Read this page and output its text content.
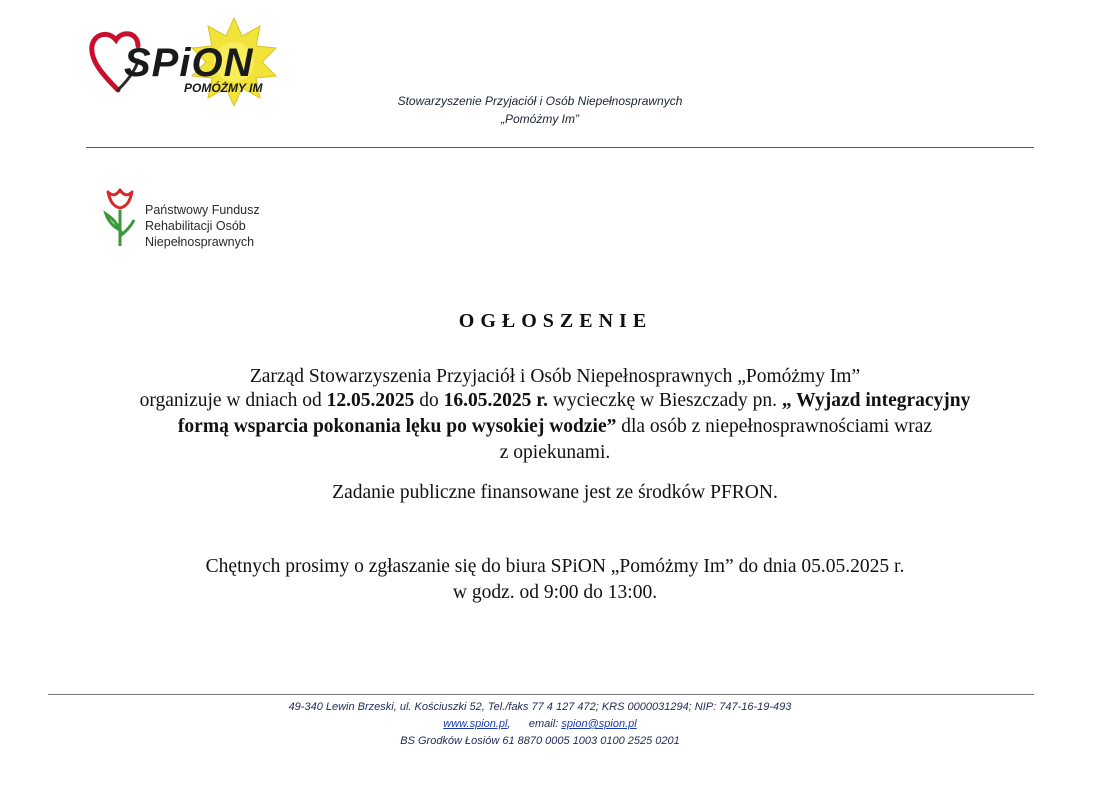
SPiON
POMÓŻMY IM
Stowarzyszenie Przyjaciół i Osób Niepełnosprawnych
„Pomóżmy Im”
Państwowy Fundusz
Rehabilitacji Osób
Niepełnosprawnych
OGŁOSZENIE
Zarząd Stowarzyszenia Przyjaciół i Osób Niepełnosprawnych „Pomóżmy Im”
organizuje w dniach od 12.05.2025 do 16.05.2025 r. wycieczkę w Bieszczady pn. „ Wyjazd integracyjny
formą wsparcia pokonania lęku po wysokiej wodzie” dla osób z niepełnosprawnościami wraz
z opiekunami.
Zadanie publiczne finansowane jest ze środków PFRON.
Chętnych prosimy o zgłaszanie się do biura SPiON „Pomóżmy Im” do dnia 05.05.2025 r.
w godz. od 9:00 do 13:00.
49-340 Lewin Brzeski, ul. Kościuszki 52, Tel./faks 77 4 127 472; KRS 0000031294; NIP: 747-16-19-493
www.spion.pl, email: spion@spion.pl
BS Grodków Łosiów 61 8870 0005 1003 0100 2525 0201
